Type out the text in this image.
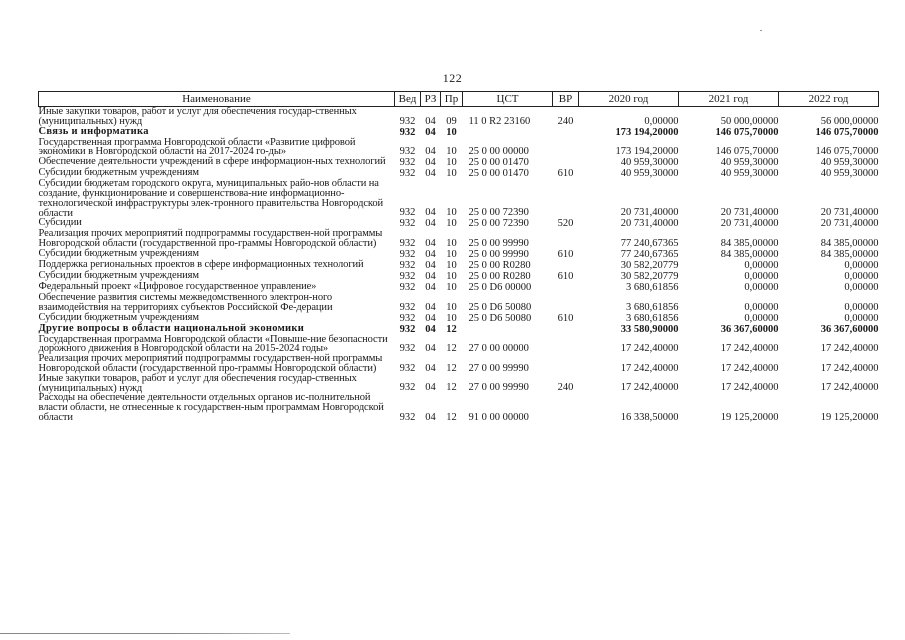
122
Наименование	Вед	РЗ	Пр	ЦСТ	ВР	2020 год	2021 год	2022 год

Иные закупки товаров, работ и услуг для обеспечения государ-ственных (муниципальных) нужд	932	04	09	11 0 R2 23160	240	0,00000	50 000,00000	56 000,00000

Связь и информатика	932	04	10			173 194,20000	146 075,70000	146 075,70000

Государственная программа Новгородской области «Развитие цифровой экономики в Новгородской области на 2017-2024 го-ды»	932	04	10	25 0 00 00000		173 194,20000	146 075,70000	146 075,70000

Обеспечение деятельности учреждений в сфере информацион-ных технологий	932	04	10	25 0 00 01470		40 959,30000	40 959,30000	40 959,30000

Субсидии бюджетным учреждениям	932	04	10	25 0 00 01470	610	40 959,30000	40 959,30000	40 959,30000

Субсидии бюджетам городского округа, муниципальных райо-нов области на создание, функционирование и совершенствова-ние информационно-технологической инфраструктуры элек-тронного правительства Новгородской области	932	04	10	25 0 00 72390		20 731,40000	20 731,40000	20 731,40000

Субсидии	932	04	10	25 0 00 72390	520	20 731,40000	20 731,40000	20 731,40000

Реализация прочих мероприятий подпрограммы государствен-ной программы Новгородской области (государственной про-граммы Новгородской области)	932	04	10	25 0 00 99990		77 240,67365	84 385,00000	84 385,00000

Субсидии бюджетным учреждениям	932	04	10	25 0 00 99990	610	77 240,67365	84 385,00000	84 385,00000

Поддержка региональных проектов в сфере информационных технологий	932	04	10	25 0 00 R0280		30 582,20779	0,00000	0,00000

Субсидии бюджетным учреждениям	932	04	10	25 0 00 R0280	610	30 582,20779	0,00000	0,00000

Федеральный проект «Цифровое государственное управление»	932	04	10	25 0 D6 00000		3 680,61856	0,00000	0,00000

Обеспечение развития системы межведомственного электрон-ного взаимодействия на территориях субъектов Российской Фе-дерации	932	04	10	25 0 D6 50080		3 680,61856	0,00000	0,00000

Субсидии бюджетным учреждениям	932	04	10	25 0 D6 50080	610	3 680,61856	0,00000	0,00000

Другие вопросы в области национальной экономики	932	04	12			33 580,90000	36 367,60000	36 367,60000

Государственная программа Новгородской области «Повыше-ние безопасности дорожного движения в Новгородской области на 2015-2024 годы»	932	04	12	27 0 00 00000		17 242,40000	17 242,40000	17 242,40000

Реализация прочих мероприятий подпрограммы государствен-ной программы Новгородской области (государственной про-граммы Новгородской области)	932	04	12	27 0 00 99990		17 242,40000	17 242,40000	17 242,40000

Иные закупки товаров, работ и услуг для обеспечения государ-ственных (муниципальных) нужд	932	04	12	27 0 00 99990	240	17 242,40000	17 242,40000	17 242,40000

Расходы на обеспечение деятельности отдельных органов ис-полнительной власти области, не отнесенные к государствен-ным программам Новгородской области	932	04	12	91 0 00 00000		16 338,50000	19 125,20000	19 125,20000
